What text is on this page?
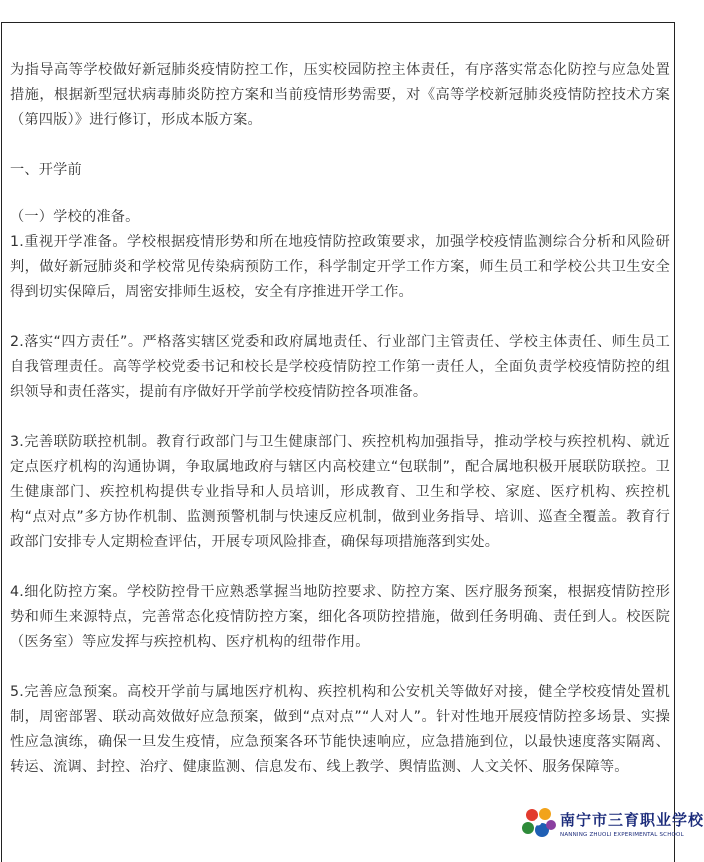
为指导高等学校做好新冠肺炎疫情防控工作，压实校园防控主体责任，有序落实常态化防控与应急处置措施，根据新型冠状病毒肺炎防控方案和当前疫情形势需要，对《高等学校新冠肺炎疫情防控技术方案（第四版）》进行修订，形成本版方案。

一、开学前

（一）学校的准备。

1.重视开学准备。学校根据疫情形势和所在地疫情防控政策要求，加强学校疫情监测综合分析和风险研判，做好新冠肺炎和学校常见传染病预防工作，科学制定开学工作方案，师生员工和学校公共卫生安全得到切实保障后，周密安排师生返校，安全有序推进开学工作。

2.落实“四方责任”。严格落实辖区党委和政府属地责任、行业部门主管责任、学校主体责任、师生员工自我管理责任。高等学校党委书记和校长是学校疫情防控工作第一责任人，全面负责学校疫情防控的组织领导和责任落实，提前有序做好开学前学校疫情防控各项准备。

3.完善联防联控机制。教育行政部门与卫生健康部门、疾控机构加强指导，推动学校与疾控机构、就近定点医疗机构的沟通协调，争取属地政府与辖区内高校建立“包联制”，配合属地积极开展联防联控。卫生健康部门、疾控机构提供专业指导和人员培训，形成教育、卫生和学校、家庭、医疗机构、疾控机构“点对点”多方协作机制、监测预警机制与快速反应机制，做到业务指导、培训、巡查全覆盖。教育行政部门安排专人定期检查评估，开展专项风险排查，确保每项措施落到实处。

4.细化防控方案。学校防控骨干应熟悉掌握当地防控要求、防控方案、医疗服务预案，根据疫情防控形势和师生来源特点，完善常态化疫情防控方案，细化各项防控措施，做到任务明确、责任到人。校医院（医务室）等应发挥与疾控机构、医疗机构的纽带作用。

5.完善应急预案。高校开学前与属地医疗机构、疾控机构和公安机关等做好对接，健全学校疫情处置机制，周密部署、联动高效做好应急预案，做到“点对点”“人对人”。针对性地开展疫情防控多场景、实操性应急演练，确保一旦发生疫情，应急预案各环节能快速响应，应急措施到位，以最快速度落实隔离、转运、流调、封控、治疗、健康监测、信息发布、线上教学、舆情监测、人文关怀、服务保障等。

南宁市三育职业学校
NANNING ZHUOLI EXPERIMENTAL SCHOOL
